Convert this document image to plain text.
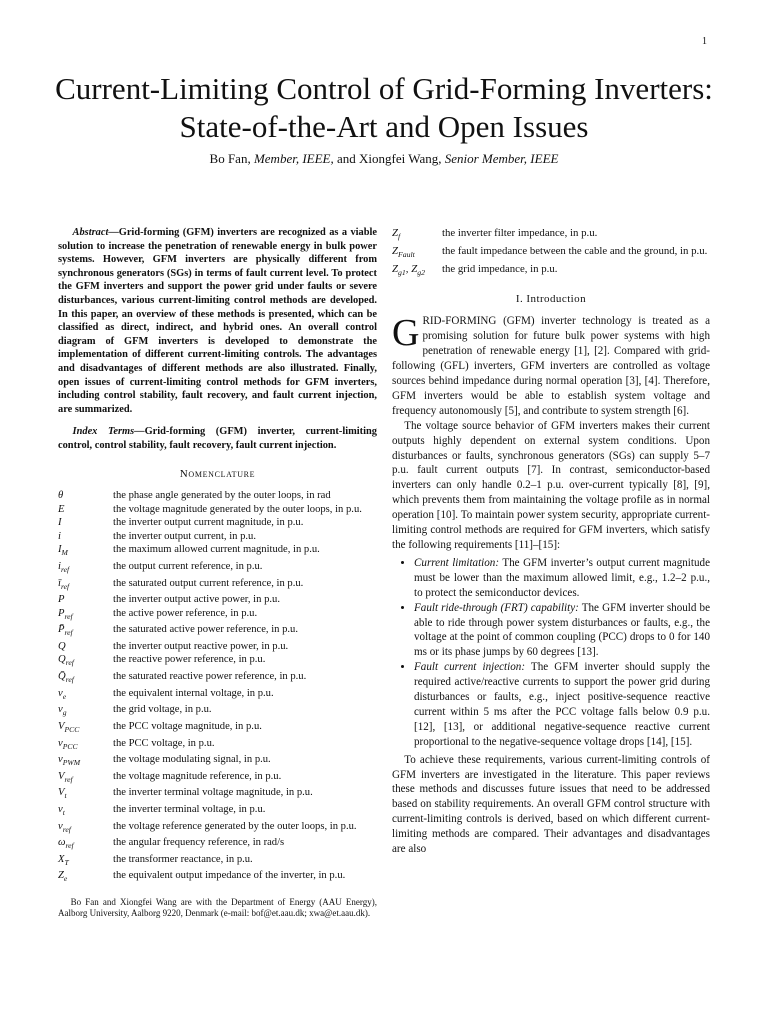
1
Current-Limiting Control of Grid-Forming Inverters:
State-of-the-Art and Open Issues
Bo Fan, Member, IEEE, and Xiongfei Wang, Senior Member, IEEE

Abstract—Grid-forming (GFM) inverters are recognized as a viable solution to increase the penetration of renewable energy in bulk power systems. However, GFM inverters are physically different from synchronous generators (SGs) in terms of fault current level. To protect the GFM inverters and support the power grid under faults or severe disturbances, various current-limiting control methods are developed. In this paper, an overview of these methods is presented, which can be classified as direct, indirect, and hybrid ones. An overall control diagram of GFM inverters is developed to demonstrate the implementation of different current-limiting controls. The advantages and disadvantages of different methods are also illustrated. Finally, open issues of current-limiting control methods for GFM inverters, including control stability, fault recovery, and fault current injection, are summarized.

Index Terms—Grid-forming (GFM) inverter, current-limiting control, control stability, fault recovery, fault current injection.

Nomenclature
θ	the phase angle generated by the outer loops, in rad
E	the voltage magnitude generated by the outer loops, in p.u.
I	the inverter output current magnitude, in p.u.
i	the inverter output current, in p.u.
$I_M$	the maximum allowed current magnitude, in p.u.
$i_{ref}$	the output current reference, in p.u.
$ī_{ref}$	the saturated output current reference, in p.u.
P	the inverter output active power, in p.u.
$P_{ref}$	the active power reference, in p.u.
$P̄_{ref}$	the saturated active power reference, in p.u.
Q	the inverter output reactive power, in p.u.
$Q_{ref}$	the reactive power reference, in p.u.
$Q̄_{ref}$	the saturated reactive power reference, in p.u.
$v_e$	the equivalent internal voltage, in p.u.
$v_g$	the grid voltage, in p.u.
$V_{PCC}$	the PCC voltage magnitude, in p.u.
$v_{PCC}$	the PCC voltage, in p.u.
$v_{PWM}$	the voltage modulating signal, in p.u.
$V_{ref}$	the voltage magnitude reference, in p.u.
$V_t$	the inverter terminal voltage magnitude, in p.u.
$v_t$	the inverter terminal voltage, in p.u.
$v_{ref}$	the voltage reference generated by the outer loops, in p.u.
$\omega_{ref}$	the angular frequency reference, in rad/s
$X_T$	the transformer reactance, in p.u.
$Z_e$	the equivalent output impedance of the inverter, in p.u.
Bo Fan and Xiongfei Wang are with the Department of Energy (AAU Energy), Aalborg University, Aalborg 9220, Denmark (e-mail: bof@et.aau.dk; xwa@et.aau.dk).
$Z_f$	the inverter filter impedance, in p.u.
$Z_{Fault}$	the fault impedance between the cable and the ground, in p.u.
$Z_{g1}$, $Z_{g2}$	the grid impedance, in p.u.
I. Introduction

GRID-FORMING (GFM) inverter technology is treated as a promising solution for future bulk power systems with high penetration of renewable energy [1], [2]. Compared with grid-following (GFL) inverters, GFM inverters are controlled as voltage sources behind impedance during normal operation [3], [4]. Therefore, GFM inverters would be able to establish system voltage and frequency autonomously [5], and contribute to system strength [6].

The voltage source behavior of GFM inverters makes their current outputs highly dependent on external system conditions. Upon disturbances or faults, synchronous generators (SGs) can supply 5–7 p.u. fault current outputs [7]. In contrast, semiconductor-based inverters can only handle 0.2–1 p.u. over-current typically [8], [9], which prevents them from maintaining the voltage profile as in normal operation [10]. To maintain power system security, appropriate current-limiting control methods are required for GFM inverters, which satisfy the following requirements [11]–[15]:

• Current limitation: The GFM inverter’s output current magnitude must be lower than the maximum allowed limit, e.g., 1.2–2 p.u., to protect the semiconductor devices.
• Fault ride-through (FRT) capability: The GFM inverter should be able to ride through power system disturbances or faults, e.g., the voltage at the point of common coupling (PCC) drops to 0 for 140 ms or its phase jumps by 60 degrees [13].
• Fault current injection: The GFM inverter should supply the required active/reactive currents to support the power grid during disturbances or faults, e.g., inject positive-sequence reactive current within 5 ms after the PCC voltage falls below 0.9 p.u. [12], [13], or additional negative-sequence reactive current proportional to the negative-sequence voltage drops [14], [15].

To achieve these requirements, various current-limiting controls of GFM inverters are investigated in the literature. This paper reviews these methods and discusses future issues that need to be addressed based on stability requirements. An overall GFM control structure with current-limiting controls is derived, based on which different current-limiting methods are compared. Their advantages and disadvantages are also
